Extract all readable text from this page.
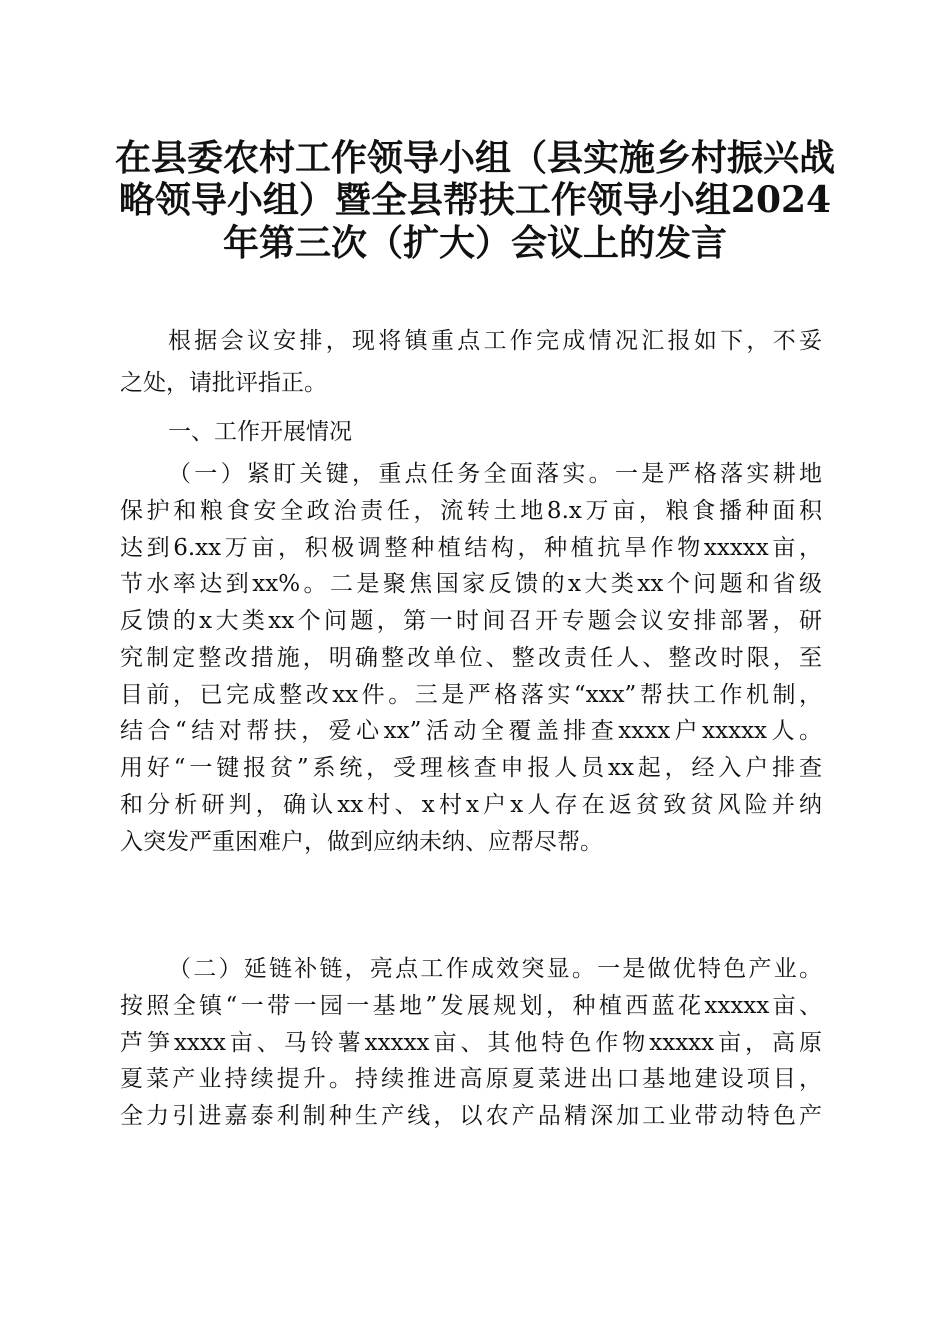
在县委农村工作领导小组（县实施乡村振兴战
略领导小组）暨全县帮扶工作领导小组2024
年第三次（扩大）会议上的发言
根据会议安排，现将镇重点工作完成情况汇报如下，不妥
之处，请批评指正。
一、工作开展情况
（一）紧盯关键，重点任务全面落实。一是严格落实耕地
保护和粮食安全政治责任，流转土地8.x万亩，粮食播种面积
达到6.xx万亩，积极调整种植结构，种植抗旱作物xxxxx亩，
节水率达到xx%。二是聚焦国家反馈的x大类xx个问题和省级
反馈的x大类xx个问题，第一时间召开专题会议安排部署，研
究制定整改措施，明确整改单位、整改责任人、整改时限，至
目前，已完成整改xx件。三是严格落实“xxx”帮扶工作机制，
结合“结对帮扶，爱心xx”活动全覆盖排查xxxx户xxxxx人。
用好“一键报贫”系统，受理核查申报人员xx起，经入户排查
和分析研判，确认xx村、x村x户x人存在返贫致贫风险并纳
入突发严重困难户，做到应纳未纳、应帮尽帮。
（二）延链补链，亮点工作成效突显。一是做优特色产业。
按照全镇“一带一园一基地”发展规划，种植西蓝花xxxxx亩、
芦笋xxxx亩、马铃薯xxxxx亩、其他特色作物xxxxx亩，高原
夏菜产业持续提升。持续推进高原夏菜进出口基地建设项目，
全力引进嘉泰利制种生产线，以农产品精深加工业带动特色产
